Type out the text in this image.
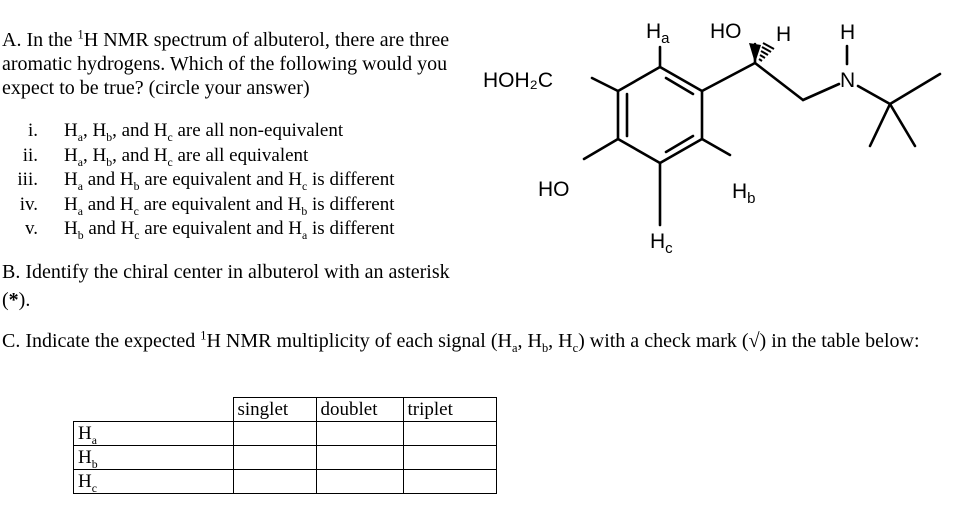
A. In the $^1$H NMR spectrum of albuterol, there are three aromatic hydrogens. Which of the following would you expect to be true? (circle your answer)
i. $H_a$, $H_b$, and $H_c$ are all non-equivalent
ii. $H_a$, $H_b$, and $H_c$ are all equivalent
iii. $H_a$ and $H_b$ are equivalent and $H_c$ is different
iv. $H_a$ and $H_c$ are equivalent and $H_b$ is different
v. $H_b$ and $H_c$ are equivalent and $H_a$ is different
B. Identify the chiral center in albuterol with an asterisk (*).
C. Indicate the expected $^1$H NMR multiplicity of each signal ($H_a$, $H_b$, $H_c$) with a check mark (√) in the table below:
	singlet	doublet	triplet
$H_a$			
$H_b$			
$H_c$			
HOH₂C
HO
HO H
N
H
$H_a$
$H_b$
$H_c$
